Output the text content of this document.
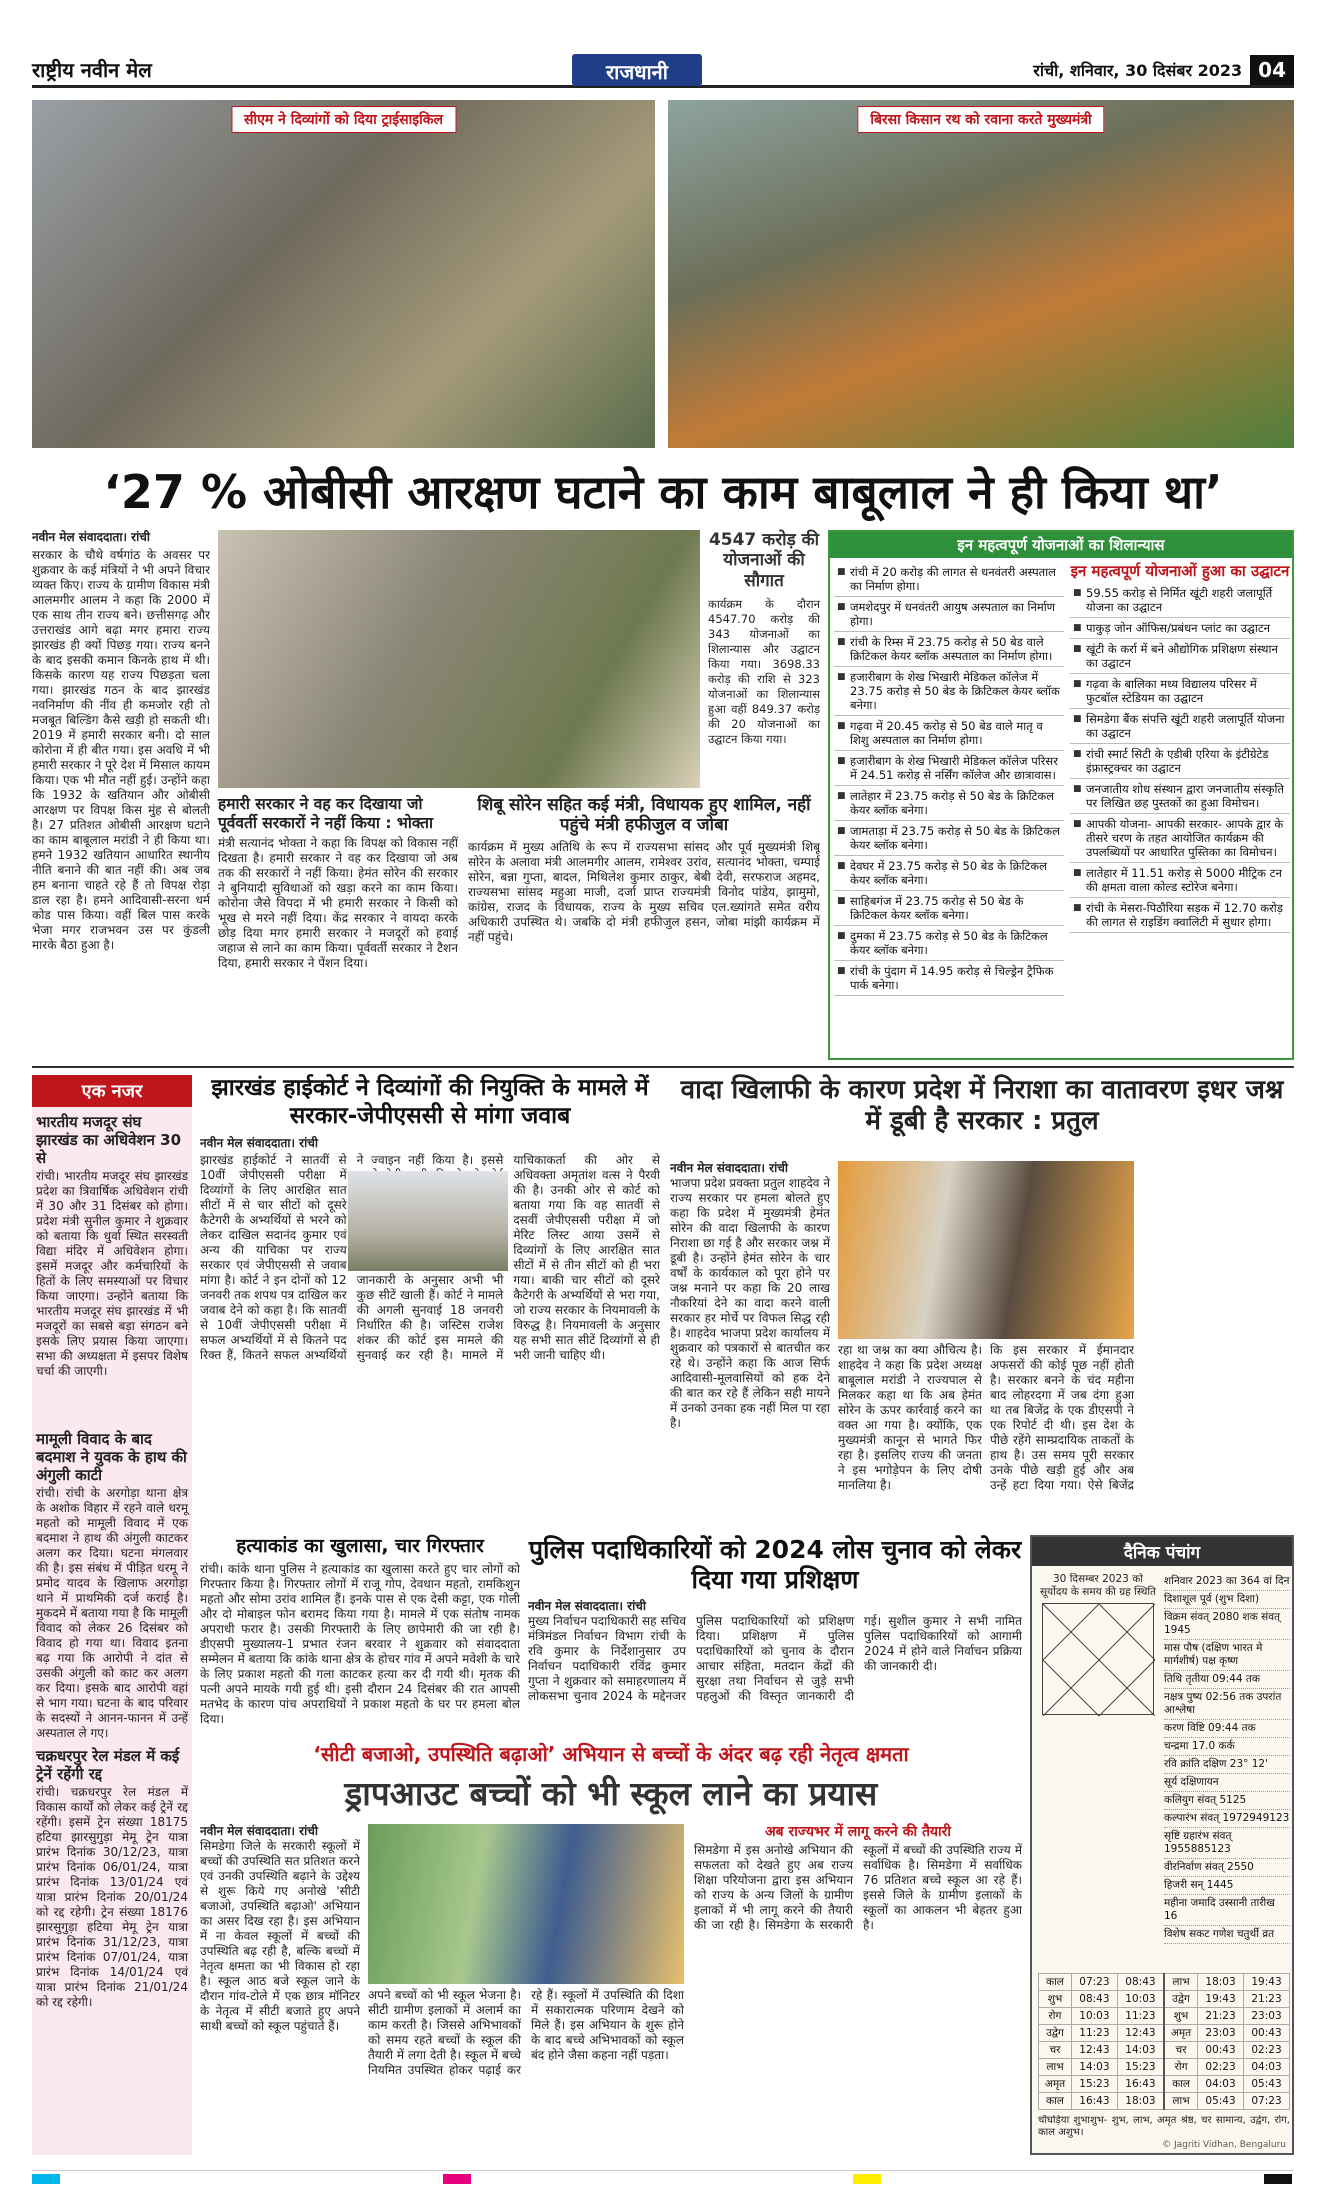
राष्ट्रीय नवीन मेल	राजधानी	रांची, शनिवार, 30 दिसंबर 2023 04
सीएम ने दिव्यांगों को दिया ट्राईसाइकिल	बिरसा किसान रथ को रवाना करते मुख्यमंत्री
‘27 % ओबीसी आरक्षण घटाने का काम बाबूलाल ने ही किया था’
नवीन मेल संवाददाता। रांची
सरकार के चौथे वर्षगांठ के अवसर पर शुक्रवार के कई मंत्रियों ने भी अपने विचार व्यक्त किए। राज्य के ग्रामीण विकास मंत्री आलमगीर आलम ने कहा कि 2000 में एक साथ तीन राज्य बने। छत्तीसगढ़ और उत्तराखंड आगे बढ़ा मगर हमारा राज्य झारखंड ही क्यों पिछड़ गया। राज्य बनने के बाद इसकी कमान किनके हाथ में थी। किसके कारण यह राज्य पिछड़ता चला गया। झारखंड गठन के बाद झारखंड नवनिर्माण की नींव ही कमजोर रही तो मजबूत बिल्डिंग कैसे खड़ी हो सकती थी। 2019 में हमारी सरकार बनी। दो साल कोरोना में ही बीत गया। इस अवधि में भी हमारी सरकार ने पूरे देश में मिसाल कायम किया। एक भी मौत नहीं हुई। उन्होंने कहा कि 1932 के खतियान और ओबीसी आरक्षण पर विपक्ष किस मुंह से बोलती है। 27 प्रतिशत ओबीसी आरक्षण घटाने का काम बाबूलाल मरांडी ने ही किया था। हमने 1932 खतियान आधारित स्थानीय नीति बनाने की बात नहीं की। अब जब हम बनाना चाहते रहे हैं तो विपक्ष रोड़ा डाल रहा है। हमने आदिवासी-सरना धर्म कोड पास किया। वहीं बिल पास करके भेजा मगर राजभवन उस पर कुंडली मारके बैठा हुआ है।
4547 करोड़ की योजनाओं की सौगात
कार्यक्रम के दौरान 4547.70 करोड़ की 343 योजनाओं का शिलान्यास और उद्घाटन किया गया। 3698.33 करोड़ की राशि से 323 योजनाओं का शिलान्यास हुआ वहीं 849.37 करोड़ की 20 योजनाओं का उद्घाटन किया गया।
हमारी सरकार ने वह कर दिखाया जो पूर्ववर्ती सरकारों ने नहीं किया : भोक्ता
मंत्री सत्यानंद भोक्ता ने कहा कि विपक्ष को विकास नहीं दिखता है। हमारी सरकार ने वह कर दिखाया जो अब तक की सरकारों ने नहीं किया। हेमंत सोरेन की सरकार ने बुनियादी सुविधाओं को खड़ा करने का काम किया। कोरोना जैसे विपदा में भी हमारी सरकार ने किसी को भूख से मरने नहीं दिया। केंद्र सरकार ने वायदा करके छोड़ दिया मगर हमारी सरकार ने मजदूरों को हवाई जहाज से लाने का काम किया। पूर्ववर्ती सरकार ने टैशन दिया, हमारी सरकार ने पेंशन दिया।
शिबू सोरेन सहित कई मंत्री, विधायक हुए शामिल, नहीं पहुंचे मंत्री हफीजुल व जोबा
कार्यक्रम में मुख्य अतिथि के रूप में राज्यसभा सांसद और पूर्व मुख्यमंत्री शिबू सोरेन के अलावा मंत्री आलमगीर आलम, रामेश्वर उरांव, सत्यानंद भोक्ता, चम्पाई सोरेन, बन्ना गुप्ता, बादल, मिथिलेश कुमार ठाकुर, बेबी देवी, सरफराज अहमद, राज्यसभा सांसद महुआ माजी, दर्जा प्राप्त राज्यमंत्री विनोद पांडेय, झामुमो, कांग्रेस, राजद के विधायक, राज्य के मुख्य सचिव एल.ख्यांगते समेत वरीय अधिकारी उपस्थित थे। जबकि दो मंत्री हफीजुल हसन, जोबा मांझी कार्यक्रम में नहीं पहुंचे।
इन महत्वपूर्ण योजनाओं का शिलान्यास
■ रांची में 20 करोड़ की लागत से धनवंतरी अस्पताल का निर्माण होगा।
■ जमशेदपुर में धनवंतरी आयुष अस्पताल का निर्माण होगा।
■ रांची के रिम्स में 23.75 करोड़ से 50 बेड वाले क्रिटिकल केयर ब्लॉक अस्पताल का निर्माण होगा।
■ हजारीबाग के शेख भिखारी मेडिकल कॉलेज में 23.75 करोड़ से 50 बेड के क्रिटिकल केयर ब्लॉक बनेगा।
■ गढ़वा में 20.45 करोड़ से 50 बेड वाले मातृ व शिशु अस्पताल का निर्माण होगा।
■ हजारीबाग के शेख भिखारी मेडिकल कॉलेज परिसर में 24.51 करोड़ से नर्सिंग कॉलेज और छात्रावास।
■ लातेहार में 23.75 करोड़ से 50 बेड के क्रिटिकल केयर ब्लॉक बनेगा।
■ जामताड़ा में 23.75 करोड़ से 50 बेड के क्रिटिकल केयर ब्लॉक बनेगा।
■ देवघर में 23.75 करोड़ से 50 बेड के क्रिटिकल केयर ब्लॉक बनेगा।
■ साहिबगंज में 23.75 करोड़ से 50 बेड के क्रिटिकल केयर ब्लॉक बनेगा।
■ दुमका में 23.75 करोड़ से 50 बेड के क्रिटिकल केयर ब्लॉक बनेगा।
■ रांची के पुंदाग में 14.95 करोड़ से चिल्ड्रेन ट्रैफिक पार्क बनेगा।
इन महत्वपूर्ण योजनाओं हुआ का उद्घाटन
■ 59.55 करोड़ से निर्मित खूंटी शहरी जलापूर्ति योजना का उद्घाटन
■ पाकुड़ जोन ऑफिस/प्रबंधन प्लांट का उद्घाटन
■ खूंटी के कर्रा में बने औद्योगिक प्रशिक्षण संस्थान का उद्घाटन
■ गढ़वा के बालिका मध्य विद्यालय परिसर में फुटबॉल स्टेडियम का उद्घाटन
■ सिमडेगा बैंक संपत्ति खूंटी शहरी जलापूर्ति योजना का उद्घाटन
■ रांची स्मार्ट सिटी के एडीबी एरिया के इंटीग्रेटेड इंफ्रास्ट्रक्चर का उद्घाटन
■ जनजातीय शोध संस्थान द्वारा जनजातीय संस्कृति पर लिखित छह पुस्तकों का हुआ विमोचन।
■ आपकी योजना- आपकी सरकार- आपके द्वार के तीसरे चरण के तहत आयोजित कार्यक्रम की उपलब्धियों पर आधारित पुस्तिका का विमोचन।
■ लातेहार में 11.51 करोड़ से 5000 मीट्रिक टन की क्षमता वाला कोल्ड स्टोरेज बनेगा।
■ रांची के मेसरा-पिठौरिया सड़क में 12.70 करोड़ की लागत से राइडिंग क्वालिटी में सुधार होगा।
एक नजर
भारतीय मजदूर संघ झारखंड का अधिवेशन 30 से
रांची। भारतीय मजदूर संघ झारखंड प्रदेश का त्रिवार्षिक अधिवेशन रांची में 30 और 31 दिसंबर को होगा। प्रदेश मंत्री सुनील कुमार ने शुक्रवार को बताया कि धुर्वा स्थित सरस्वती विद्या मंदिर में अधिवेशन होगा। इसमें मजदूर और कर्मचारियों के हितों के लिए समस्याओं पर विचार किया जाएगा। उन्होंने बताया कि भारतीय मजदूर संघ झारखंड में भी मजदूरों का सबसे बड़ा संगठन बने इसके लिए प्रयास किया जाएगा। सभा की अध्यक्षता में इसपर विशेष चर्चा की जाएगी।
मामूली विवाद के बाद बदमाश ने युवक के हाथ की अंगुली काटी
रांची। रांची के अरगोड़ा थाना क्षेत्र के अशोक विहार में रहने वाले धरमू महतो को मामूली विवाद में एक बदमाश ने हाथ की अंगुली काटकर अलग कर दिया। घटना मंगलवार की है। इस संबंध में पीड़ित धरमू ने प्रमोद यादव के खिलाफ अरगोड़ा थाने में प्राथमिकी दर्ज कराई है। मुकदमे में बताया गया है कि मामूली विवाद को लेकर 26 दिसंबर को विवाद हो गया था। विवाद इतना बढ़ गया कि आरोपी ने दांत से उसकी अंगुली को काट कर अलग कर दिया। इसके बाद आरोपी वहां से भाग गया। घटना के बाद परिवार के सदस्यों ने आनन-फानन में उन्हें अस्पताल ले गए।
चक्रधरपुर रेल मंडल में कई ट्रेनें रहेंगी रद्द
रांची। चक्रधरपुर रेल मंडल में विकास कार्यों को लेकर कई ट्रेनें रद्द रहेंगी। इसमें ट्रेन संख्या 18175 हटिया झारसुगुड़ा मेमू ट्रेन यात्रा प्रारंभ दिनांक 30/12/23, यात्रा प्रारंभ दिनांक 06/01/24, यात्रा प्रारंभ दिनांक 13/01/24 एवं यात्रा प्रारंभ दिनांक 20/01/24 को रद्द रहेगी। ट्रेन संख्या 18176 झारसुगुड़ा हटिया मेमू ट्रेन यात्रा प्रारंभ दिनांक 31/12/23, यात्रा प्रारंभ दिनांक 07/01/24, यात्रा प्रारंभ दिनांक 14/01/24 एवं यात्रा प्रारंभ दिनांक 21/01/24 को रद्द रहेगी।
झारखंड हाईकोर्ट ने दिव्यांगों की नियुक्ति के मामले में सरकार-जेपीएससी से मांगा जवाब
नवीन मेल संवाददाता। रांची
झारखंड हाईकोर्ट ने सातवीं से 10वीं जेपीएससी परीक्षा में दिव्यांगों के लिए आरक्षित सात सीटों में से चार सीटों को दूसरे कैटेगरी के अभ्यर्थियों से भरने को लेकर दाखिल सदानंद कुमार एवं अन्य की याचिका पर राज्य सरकार एवं जेपीएससी से जवाब मांगा है। कोर्ट ने इन दोनों को 12 जनवरी तक शपथ पत्र दाखिल कर जवाब देने को कहा है। कि सातवीं से 10वीं जेपीएससी परीक्षा में सफल अभ्यर्थियों में से कितने पद रिक्त हैं, कितने सफल अभ्यर्थियों ने ज्वाइन नहीं किया है। इससे जानकारी के अनुसार अभी भी कुछ सीटें खाली हैं। कोर्ट ने मामले की अगली सुनवाई 18 जनवरी निर्धारित की है। जस्टिस राजेश शंकर की कोर्ट इस मामले की सुनवाई कर रही है। मामले में याचिकाकर्ता की ओर से अधिवक्ता अमृतांश वत्स ने पैरवी की है। उनकी ओर से कोर्ट को बताया गया कि वह सातवीं से दसवीं जेपीएससी परीक्षा में जो मेरिट लिस्ट आया उसमें से दिव्यांगों के लिए आरक्षित सात सीटों में से तीन सीटों को ही भरा गया। बाकी चार सीटों को दूसरे कैटेगरी के अभ्यर्थियों से भरा गया, जो राज्य सरकार के नियमावली के विरुद्ध है। नियमावली के अनुसार यह सभी सात सीटें दिव्यांगों से ही भरी जानी चाहिए थी।
वादा खिलाफी के कारण प्रदेश में निराशा का वातावरण इधर जश्न में डूबी है सरकार : प्रतुल
नवीन मेल संवाददाता। रांची
भाजपा प्रदेश प्रवक्ता प्रतुल शाहदेव ने राज्य सरकार पर हमला बोलते हुए कहा कि प्रदेश में मुख्यमंत्री हेमंत सोरेन की वादा खिलाफी के कारण निराशा छा गई है और सरकार जश्न में डूबी है। उन्होंने हेमंत सोरेन के चार वर्षों के कार्यकाल को पूरा होने पर जश्न मनाने पर कहा कि 20 लाख नौकरियां देने का वादा करने वाली सरकार हर मोर्चे पर विफल सिद्ध रही है। शाहदेव भाजपा प्रदेश कार्यालय में शुक्रवार को पत्रकारों से बातचीत कर रहे थे। उन्होंने कहा कि आज सिर्फ आदिवासी-मूलवासियों को हक देने की बात कर रहे हैं लेकिन सही मायने में उनको उनका हक नहीं मिल पा रहा है।
रहा था जश्न का क्या औचित्य है। शाहदेव ने कहा कि प्रदेश अध्यक्ष बाबूलाल मरांडी ने राज्यपाल से मिलकर कहा था कि अब हेमंत सोरेन के ऊपर कार्रवाई करने का वक्त आ गया है। क्योंकि, एक मुख्यमंत्री कानून से भागते फिर रहा है। इसलिए राज्य की जनता ने इस भगोड़ेपन के लिए दोषी मानलिया है।
कि इस सरकार में ईमानदार अफसरों की कोई पूछ नहीं होती है। सरकार बनने के चंद महीना बाद लोहरदगा में जब दंगा हुआ था तब बिजेंद्र के एक डीएसपी ने एक रिपोर्ट दी थी। इस देश के पीछे रहेंगे साम्प्रदायिक ताकतों के हाथ है। उस समय पूरी सरकार उनके पीछे खड़ी हुई और अब उन्हें हटा दिया गया। ऐसे बिजेंद्र
हत्याकांड का खुलासा, चार गिरफ्तार
रांची। कांके थाना पुलिस ने हत्याकांड का खुलासा करते हुए चार लोगों को गिरफ्तार किया है। गिरफ्तार लोगों में राजू गोप, देवधान महतो, रामकिशुन महतो और सोमा उरांव शामिल हैं। इनके पास से एक देसी कट्टा, एक गोली और दो मोबाइल फोन बरामद किया गया है। मामले में एक संतोष नामक अपराधी फरार है। उसकी गिरफ्तारी के लिए छापेमारी की जा रही है। डीएसपी मुख्यालय-1 प्रभात रंजन बरवार ने शुक्रवार को संवाददाता सम्मेलन में बताया कि कांके थाना क्षेत्र के होचर गांव में अपने मवेशी के चारे के लिए प्रकाश महतो की गला काटकर हत्या कर दी गयी थी। मृतक की पत्नी अपने मायके गयी हुई थी। इसी दौरान 24 दिसंबर की रात आपसी मतभेद के कारण पांच अपराधियों ने प्रकाश महतो के घर पर हमला बोल दिया।
पुलिस पदाधिकारियों को 2024 लोस चुनाव को लेकर दिया गया प्रशिक्षण
नवीन मेल संवाददाता। रांची
मुख्य निर्वाचन पदाधिकारी सह सचिव मंत्रिमंडल निर्वाचन विभाग रांची के रवि कुमार के निर्देशानुसार उप निर्वाचन पदाधिकारी रविंद्र कुमार गुप्ता ने शुक्रवार को समाहरणालय में लोकसभा चुनाव 2024 के मद्देनजर पुलिस पदाधिकारियों को प्रशिक्षण दिया। प्रशिक्षण में पुलिस पदाधिकारियों को चुनाव के दौरान आचार संहिता, मतदान केंद्रों की सुरक्षा तथा निर्वाचन से जुड़े सभी पहलुओं की विस्तृत जानकारी दी गई। सुशील कुमार ने सभी नामित पुलिस पदाधिकारियों को आगामी 2024 में होने वाले निर्वाचन प्रक्रिया की जानकारी दी।
दैनिक पंचांग
30 दिसम्बर 2023 को सूर्योदय के समय की ग्रह स्थिति
शनिवार 2023 का 364 वां दिन
दिशाशूल पूर्व (शुभ दिशा)
विक्रम संवत् 2080 शक संवत् 1945
मास पौष (दक्षिण भारत मे मार्गशीर्ष) पक्ष कृष्ण
तिथि तृतीया 09:44 तक
नक्षत्र पुष्य 02:56 तक उपरांत आश्लेषा
करण विष्टि 09:44 तक
चन्द्रमा 17.0 कर्क
रवि क्रांति दक्षिण 23° 12'
सूर्य दक्षिणायन
कलियुग संवत् 5125
कल्पारंभ संवत् 1972949123
सृष्टि ग्रहारंभ संवत् 1955885123
वीरनिर्वाण संवत् 2550
हिजरी सन् 1445
महीना जमादि उस्सानी तारीख 16
विशेष सकट गणेश चतुर्थी व्रत
काल	07:23	08:43	लाभ	18:03	19:43
शुभ	08:43	10:03	उद्वेग	19:43	21:23
रोग	10:03	11:23	शुभ	21:23	23:03
उद्वेग	11:23	12:43	अमृत	23:03	00:43
चर	12:43	14:03	चर	00:43	02:23
लाभ	14:03	15:23	रोग	02:23	04:03
अमृत	15:23	16:43	काल	04:03	05:43
काल	16:43	18:03	लाभ	05:43	07:23
चौघड़िया शुभाशुभ- शुभ, लाभ, अमृत श्रेष्ठ, चर सामान्य, उद्वेग, रोग, काल अशुभ।
© Jagriti Vidhan, Bengaluru
‘सीटी बजाओ, उपस्थिति बढ़ाओ’ अभियान से बच्चों के अंदर बढ़ रही नेतृत्व क्षमता
ड्रापआउट बच्चों को भी स्कूल लाने का प्रयास
नवीन मेल संवाददाता। रांची
सिमडेगा जिले के सरकारी स्कूलों में बच्चों की उपस्थिति सत प्रतिशत करने एवं उनकी उपस्थिति बढ़ाने के उद्देश्य से शुरू किये गए अनोखे 'सीटी बजाओ, उपस्थिति बढ़ाओ' अभियान का असर दिख रहा है। इस अभियान में ना केवल स्कूलों में बच्चों की उपस्थिति बढ़ रही है, बल्कि बच्चों में नेतृत्व क्षमता का भी विकास हो रहा है। स्कूल आठ बजे स्कूल जाने के दौरान गांव-टोले में एक छात्र मॉनिटर के नेतृत्व में सीटी बजाते हुए अपने साथी बच्चों को स्कूल पहुंचाते हैं।
अपने बच्चों को भी स्कूल भेजना है। सीटी ग्रामीण इलाकों में अलार्म का काम करती है। जिससे अभिभावकों को समय रहते बच्चों के स्कूल की तैयारी में लगा देती है। स्कूल में बच्चे नियमित उपस्थित होकर पढ़ाई कर रहे हैं। स्कूलों में उपस्थिति की दिशा में सकारात्मक परिणाम देखने को मिले हैं। इस अभियान के शुरू होने के बाद बच्चे अभिभावकों को स्कूल बंद होने जैसा कहना नहीं पड़ता।
अब राज्यभर में लागू करने की तैयारी
सिमडेगा में इस अनोखे अभियान की सफलता को देखते हुए अब राज्य शिक्षा परियोजना द्वारा इस अभियान को राज्य के अन्य जिलों के ग्रामीण इलाकों में भी लागू करने की तैयारी की जा रही है। सिमडेगा के सरकारी स्कूलों में बच्चों की उपस्थिति राज्य में सर्वाधिक है। सिमडेगा में सर्वाधिक 76 प्रतिशत बच्चे स्कूल आ रहे हैं। इससे जिले के ग्रामीण इलाकों के स्कूलों का आकलन भी बेहतर हुआ है।
